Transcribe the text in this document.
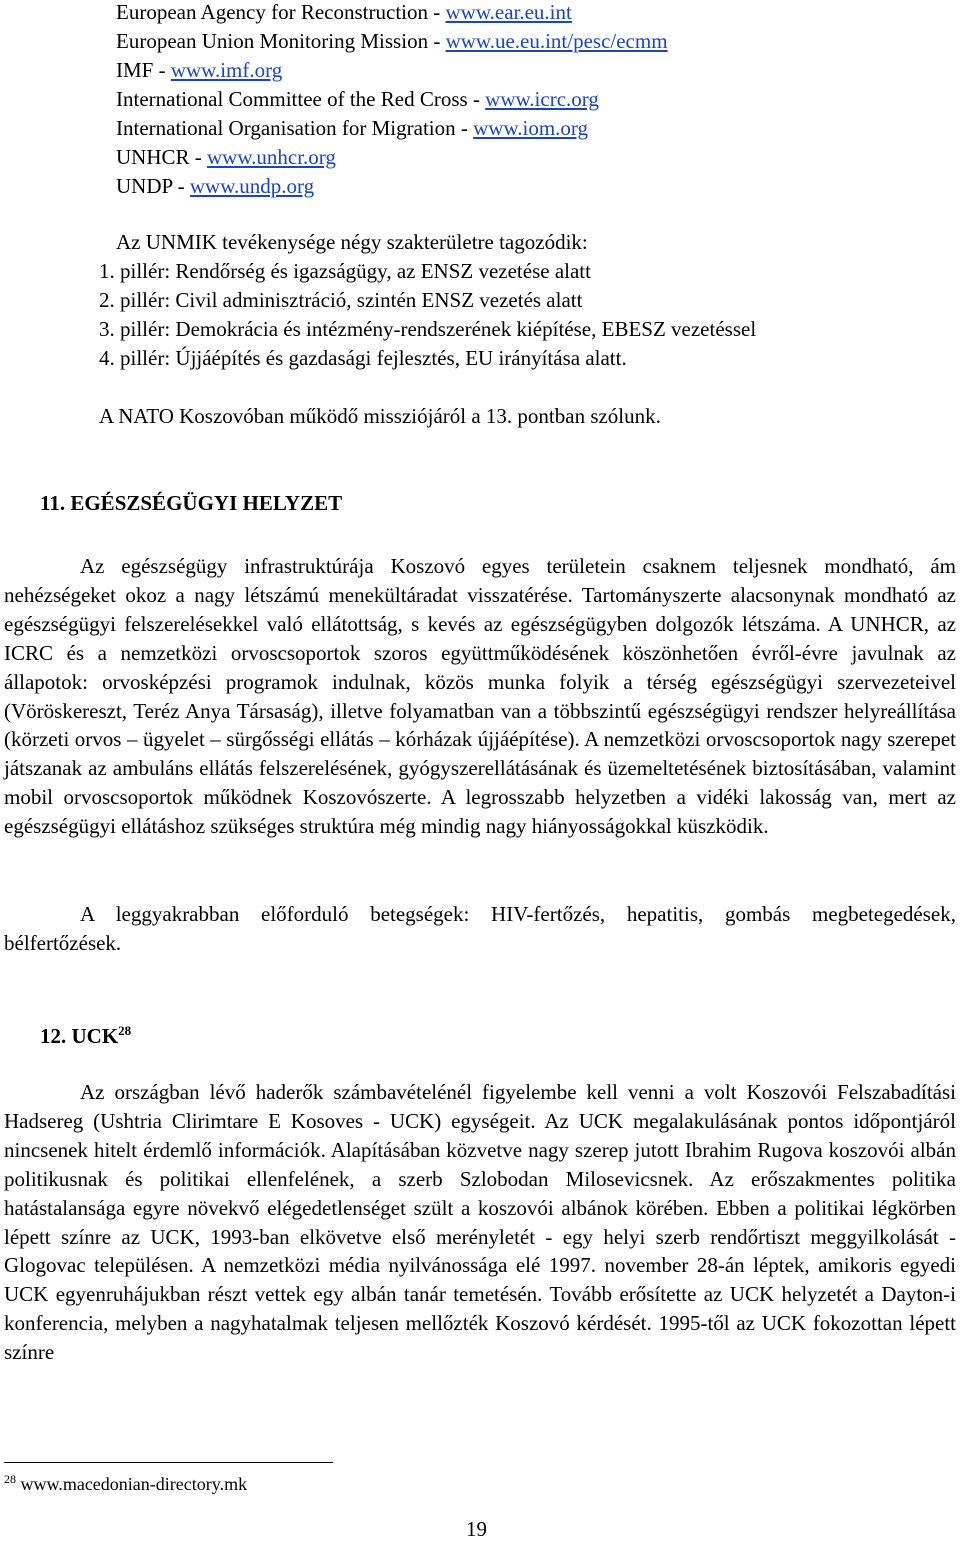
European Agency for Reconstruction - www.ear.eu.int
European Union Monitoring Mission - www.ue.eu.int/pesc/ecmm
IMF - www.imf.org
International Committee of the Red Cross - www.icrc.org
International Organisation for Migration - www.iom.org
UNHCR - www.unhcr.org
UNDP - www.undp.org
Az UNMIK tevékenysége négy szakterületre tagozódik:
1. pillér: Rendőrség és igazságügy, az ENSZ vezetése alatt
2. pillér: Civil adminisztráció, szintén ENSZ vezetés alatt
3. pillér: Demokrácia és intézmény-rendszerének kiépítése, EBESZ vezetéssel
4. pillér: Újjáépítés és gazdasági fejlesztés, EU irányítása alatt.
A NATO Koszovóban működő missziójáról a 13. pontban szólunk.
11. EGÉSZSÉGÜGYI HELYZET
Az egészségügy infrastruktúrája Koszovó egyes területein csaknem teljesnek mondható, ám nehézségeket okoz a nagy létszámú menekültáradat visszatérése. Tartományszerte alacsonynak mondható az egészségügyi felszerelésekkel való ellátottság, s kevés az egészségügyben dolgozók létszáma. A UNHCR, az ICRC és a nemzetközi orvoscsoportok szoros együttműködésének köszönhetően évről-évre javulnak az állapotok: orvosképzési programok indulnak, közös munka folyik a térség egészségügyi szervezeteivel (Vöröskereszt, Teréz Anya Társaság), illetve folyamatban van a többszintű egészségügyi rendszer helyreállítása (körzeti orvos – ügyelet – sürgősségi ellátás – kórházak újjáépítése). A nemzetközi orvoscsoportok nagy szerepet játszanak az ambuláns ellátás felszerelésének, gyógyszerellátásának és üzemeltetésének biztosításában, valamint mobil orvoscsoportok működnek Koszovószerte. A legrosszabb helyzetben a vidéki lakosság van, mert az egészségügyi ellátáshoz szükséges struktúra még mindig nagy hiányosságokkal küszködik.
A leggyakrabban előforduló betegségek: HIV-fertőzés, hepatitis, gombás megbetegedések, bélfertőzések.
12. UCK$^{28}$
Az országban lévő haderők számbavételénél figyelembe kell venni a volt Koszovói Felszabadítási Hadsereg (Ushtria Clirimtare E Kosoves - UCK) egységeit. Az UCK megalakulásának pontos időpontjáról nincsenek hitelt érdemlő információk. Alapításában közvetve nagy szerep jutott Ibrahim Rugova koszovói albán politikusnak és politikai ellenfelének, a szerb Szlobodan Milosevicsnek. Az erőszakmentes politika hatástalansága egyre növekvő elégedetlenséget szült a koszovói albánok körében. Ebben a politikai légkörben lépett színre az UCK, 1993-ban elkövetve első merényletét - egy helyi szerb rendőrtiszt meggyilkolását - Glogovac településen. A nemzetközi média nyilvánossága elé 1997. november 28-án léptek, amikoris egyedi UCK egyenruhájukban részt vettek egy albán tanár temetésén. Tovább erősítette az UCK helyzetét a Dayton-i konferencia, melyben a nagyhatalmak teljesen mellőzték Koszovó kérdését. 1995-től az UCK fokozottan lépett színre
$^{28}$ www.macedonian-directory.mk
19
